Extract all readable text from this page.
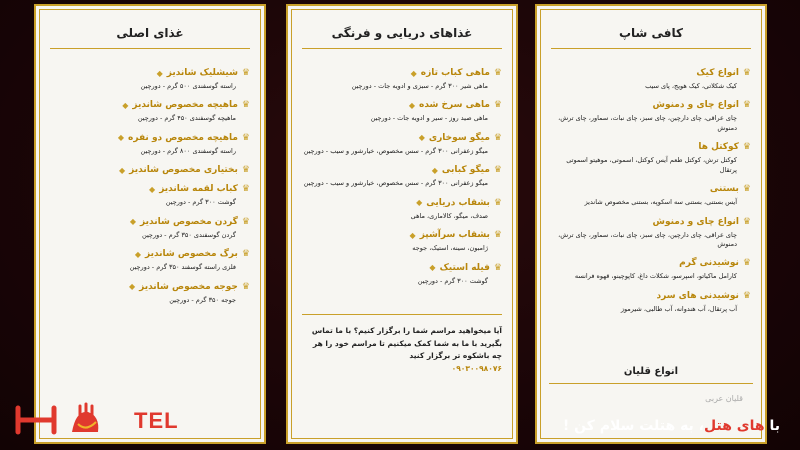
کافی شاپ
♛
انواع کیک
کیک شکلاتی، کیک هویج، پای سیب
♛
انواع چای و دمنوش
چای عراقی، چای دارچین، چای سبز، چای نبات، سماور، چای ترش، دمنوش
♛
کوکتل ها
کوکتل ترش، کوکتل طعم آیس کوکتل، اسموتی، موهیتو اسموتی پرتقال
♛
بستنی
آیس بستنی، بستنی سه اسکوپه، بستنی مخصوص شاندیز
♛
انواع چای و دمنوش
چای عراقی، چای دارچین، چای سبز، چای نبات، سماور، چای ترش، دمنوش
♛
نوشیدنی گرم
کارامل ماکیاتو، اسپرسو، شکلات داغ، کاپوچینو، قهوه فرانسه
♛
نوشیدنی های سرد
آب پرتقال، آب هندوانه، آب طالبی، شیرموز
انواع قلیان
قلیان عربی
غذاهای دریایی و فرنگی
♛
ماهی کباب تازه
◆
ماهی شیر ۳۰۰ گرم - سبزی و ادویه جات - دورچین
♛
ماهی سرخ شده
◆
ماهی صید روز - سیر و ادویه جات - دورچین
♛
میگو سوخاری
◆
میگو زعفرانی ۳۰۰ گرم - سس مخصوص، خیارشور و سیب - دورچین
♛
میگو کبابی
◆
میگو زعفرانی ۳۰۰ گرم - سس مخصوص، خیارشور و سیب - دورچین
♛
بشقاب دریایی
◆
صدف، میگو، کالاماری، ماهی
♛
بشقاب سرآشپز
◆
ژامبون، سینه، استیک، جوجه
♛
فیله استیک
◆
گوشت ۳۰۰ گرم - دورچین
آیا میخواهید مراسم شما را برگزار کنیم؟ با ما تماس بگیرید با ما به شما کمک میکنیم تا مراسم خود را هر چه باشکوه تر برگزار کنید
۰۹۰۳۰۰۹۸۰۷۶
غذای اصلی
♛
شیشلیک شاندیز
◆
راسته گوسفندی ۵۰۰ گرم - دورچین
♛
ماهیچه مخصوص شاندیز
◆
ماهیچه گوسفندی ۴۵۰ گرم - دورچین
♛
ماهیچه مخصوص دو نفره
◆
راسته گوسفندی ۸۰۰ گرم - دورچین
♛
بختیاری مخصوص شاندیز
◆
♛
کباب لقمه شاندیز
◆
گوشت ۳۰۰ گرم - دورچین
♛
گردن مخصوص شاندیز
◆
گردن گوسفندی ۳۵۰ گرم - دورچین
♛
برگ مخصوص شاندیز
◆
فلزی راسته گوسفند ۳۵۰ گرم - دورچین
♛
جوجه مخصوص شاندیز
◆
جوجه ۳۵۰ گرم - دورچین
TEL	با های هتل، به هتلت سلام کن !
